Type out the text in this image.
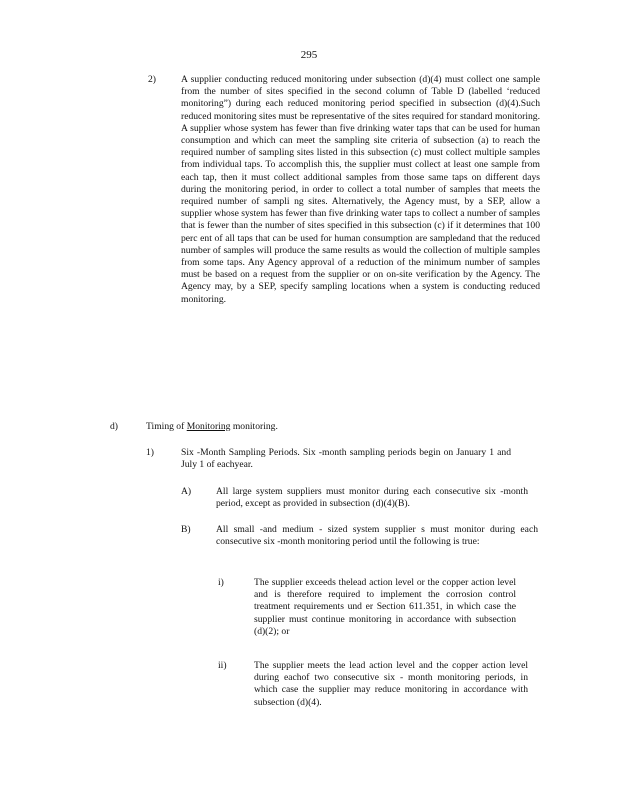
295
2)	A supplier conducting reduced monitoring under subsection (d)(4) must collect one sample from the number of sites specified in the second column of Table D (labelled ‘reduced monitoring”) during each reduced monitoring period specified in subsection (d)(4).Such reduced monitoring sites must be representative of the sites required for standard monitoring. A supplier whose system has fewer than five drinking water taps that can be used for human consumption and which can meet the sampling site criteria of subsection (a) to reach the required number of sampling sites listed in this subsection (c) must collect multiple samples from individual taps. To accomplish this, the supplier must collect at least one sample from each tap, then it must collect additional samples from those same taps on different days during the monitoring period, in order to collect a total number of samples that meets the required number of sampli ng sites. Alternatively, the Agency must, by a SEP, allow a supplier whose system has fewer than five drinking water taps to collect a number of samples that is fewer than the number of sites specified in this subsection (c) if it determines that 100 perc ent of all taps that can be used for human consumption are sampledand that the reduced number of samples will produce the same results as would the collection of multiple samples from some taps. Any Agency approval of a reduction of the minimum number of samples must be based on a request from the supplier or on on-site verification by the Agency. The Agency may, by a SEP, specify sampling locations when a system is conducting reduced monitoring.
d)	Timing of Monitoring monitoring.
1)	Six -Month Sampling Periods. Six -month sampling periods begin on January 1 and July 1 of eachyear.
A)	All large system suppliers must monitor during each consecutive six -month period, except as provided in subsection (d)(4)(B).
B)	All small -and medium - sized system supplier s must monitor during each consecutive six -month monitoring period until the following is true:
i)	The supplier exceeds thelead action level or the copper action level and is therefore required to implement the corrosion control treatment requirements und er Section 611.351, in which case the supplier must continue monitoring in accordance with subsection (d)(2); or
ii)	The supplier meets the lead action level and the copper action level during eachof two consecutive six - month monitoring periods, in which case the supplier may reduce monitoring in accordance with subsection (d)(4).
